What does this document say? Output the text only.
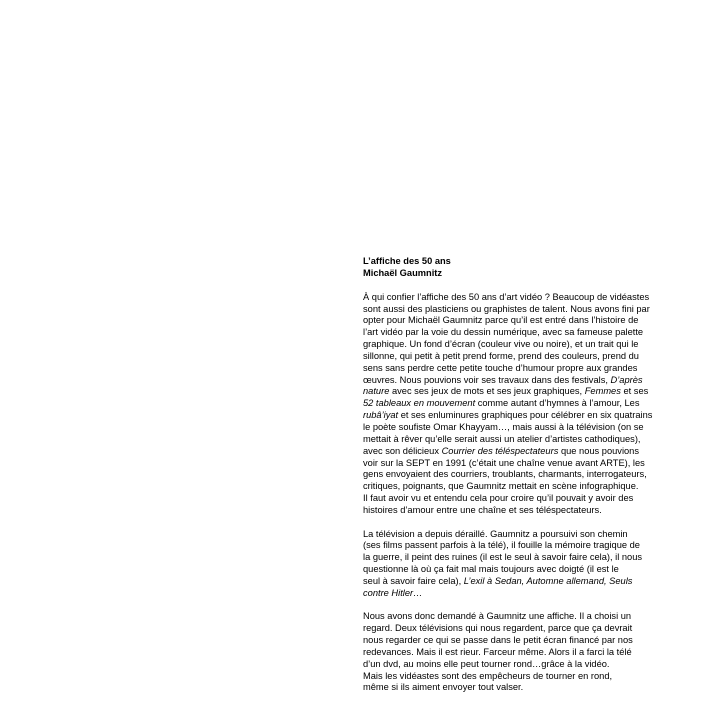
L’affiche des 50 ans
Michaël Gaumnitz
À qui confier l’affiche des 50 ans d’art vidéo ? Beaucoup de vidéastes
sont aussi des plasticiens ou graphistes de talent. Nous avons fini par
opter pour Michaël Gaumnitz parce qu’il est entré dans l’histoire de
l’art vidéo par la voie du dessin numérique, avec sa fameuse palette
graphique. Un fond d’écran (couleur vive ou noire), et un trait qui le
sillonne, qui petit à petit prend forme, prend des couleurs, prend du
sens sans perdre cette petite touche d’humour propre aux grandes
œuvres. Nous pouvions voir ses travaux dans des festivals, D’après
nature avec ses jeux de mots et ses jeux graphiques, Femmes et ses
52 tableaux en mouvement comme autant d’hymnes à l’amour, Les
rubâ’iyat et ses enluminures graphiques pour célébrer en six quatrains
le poète soufiste Omar Khayyam…, mais aussi à la télévision (on se
mettait à rêver qu’elle serait aussi un atelier d’artistes cathodiques),
avec son délicieux Courrier des téléspectateurs que nous pouvions
voir sur la SEPT en 1991 (c’était une chaîne venue avant ARTE), les
gens envoyaient des courriers, troublants, charmants, interrogateurs,
critiques, poignants, que Gaumnitz mettait en scène infographique.
Il faut avoir vu et entendu cela pour croire qu’il pouvait y avoir des
histoires d’amour entre une chaîne et ses téléspectateurs.
La télévision a depuis déraillé. Gaumnitz a poursuivi son chemin
(ses films passent parfois à la télé), il fouille la mémoire tragique de
la guerre, il peint des ruines (il est le seul à savoir faire cela), il nous
questionne là où ça fait mal mais toujours avec doigté (il est le
seul à savoir faire cela), L’exil à Sedan, Automne allemand, Seuls
contre Hitler…
Nous avons donc demandé à Gaumnitz une affiche. Il a choisi un
regard. Deux télévisions qui nous regardent, parce que ça devrait
nous regarder ce qui se passe dans le petit écran financé par nos
redevances. Mais il est rieur. Farceur même. Alors il a farci la télé
d’un dvd, au moins elle peut tourner rond…grâce à la vidéo.
Mais les vidéastes sont des empêcheurs de tourner en rond,
même si ils aiment envoyer tout valser.
